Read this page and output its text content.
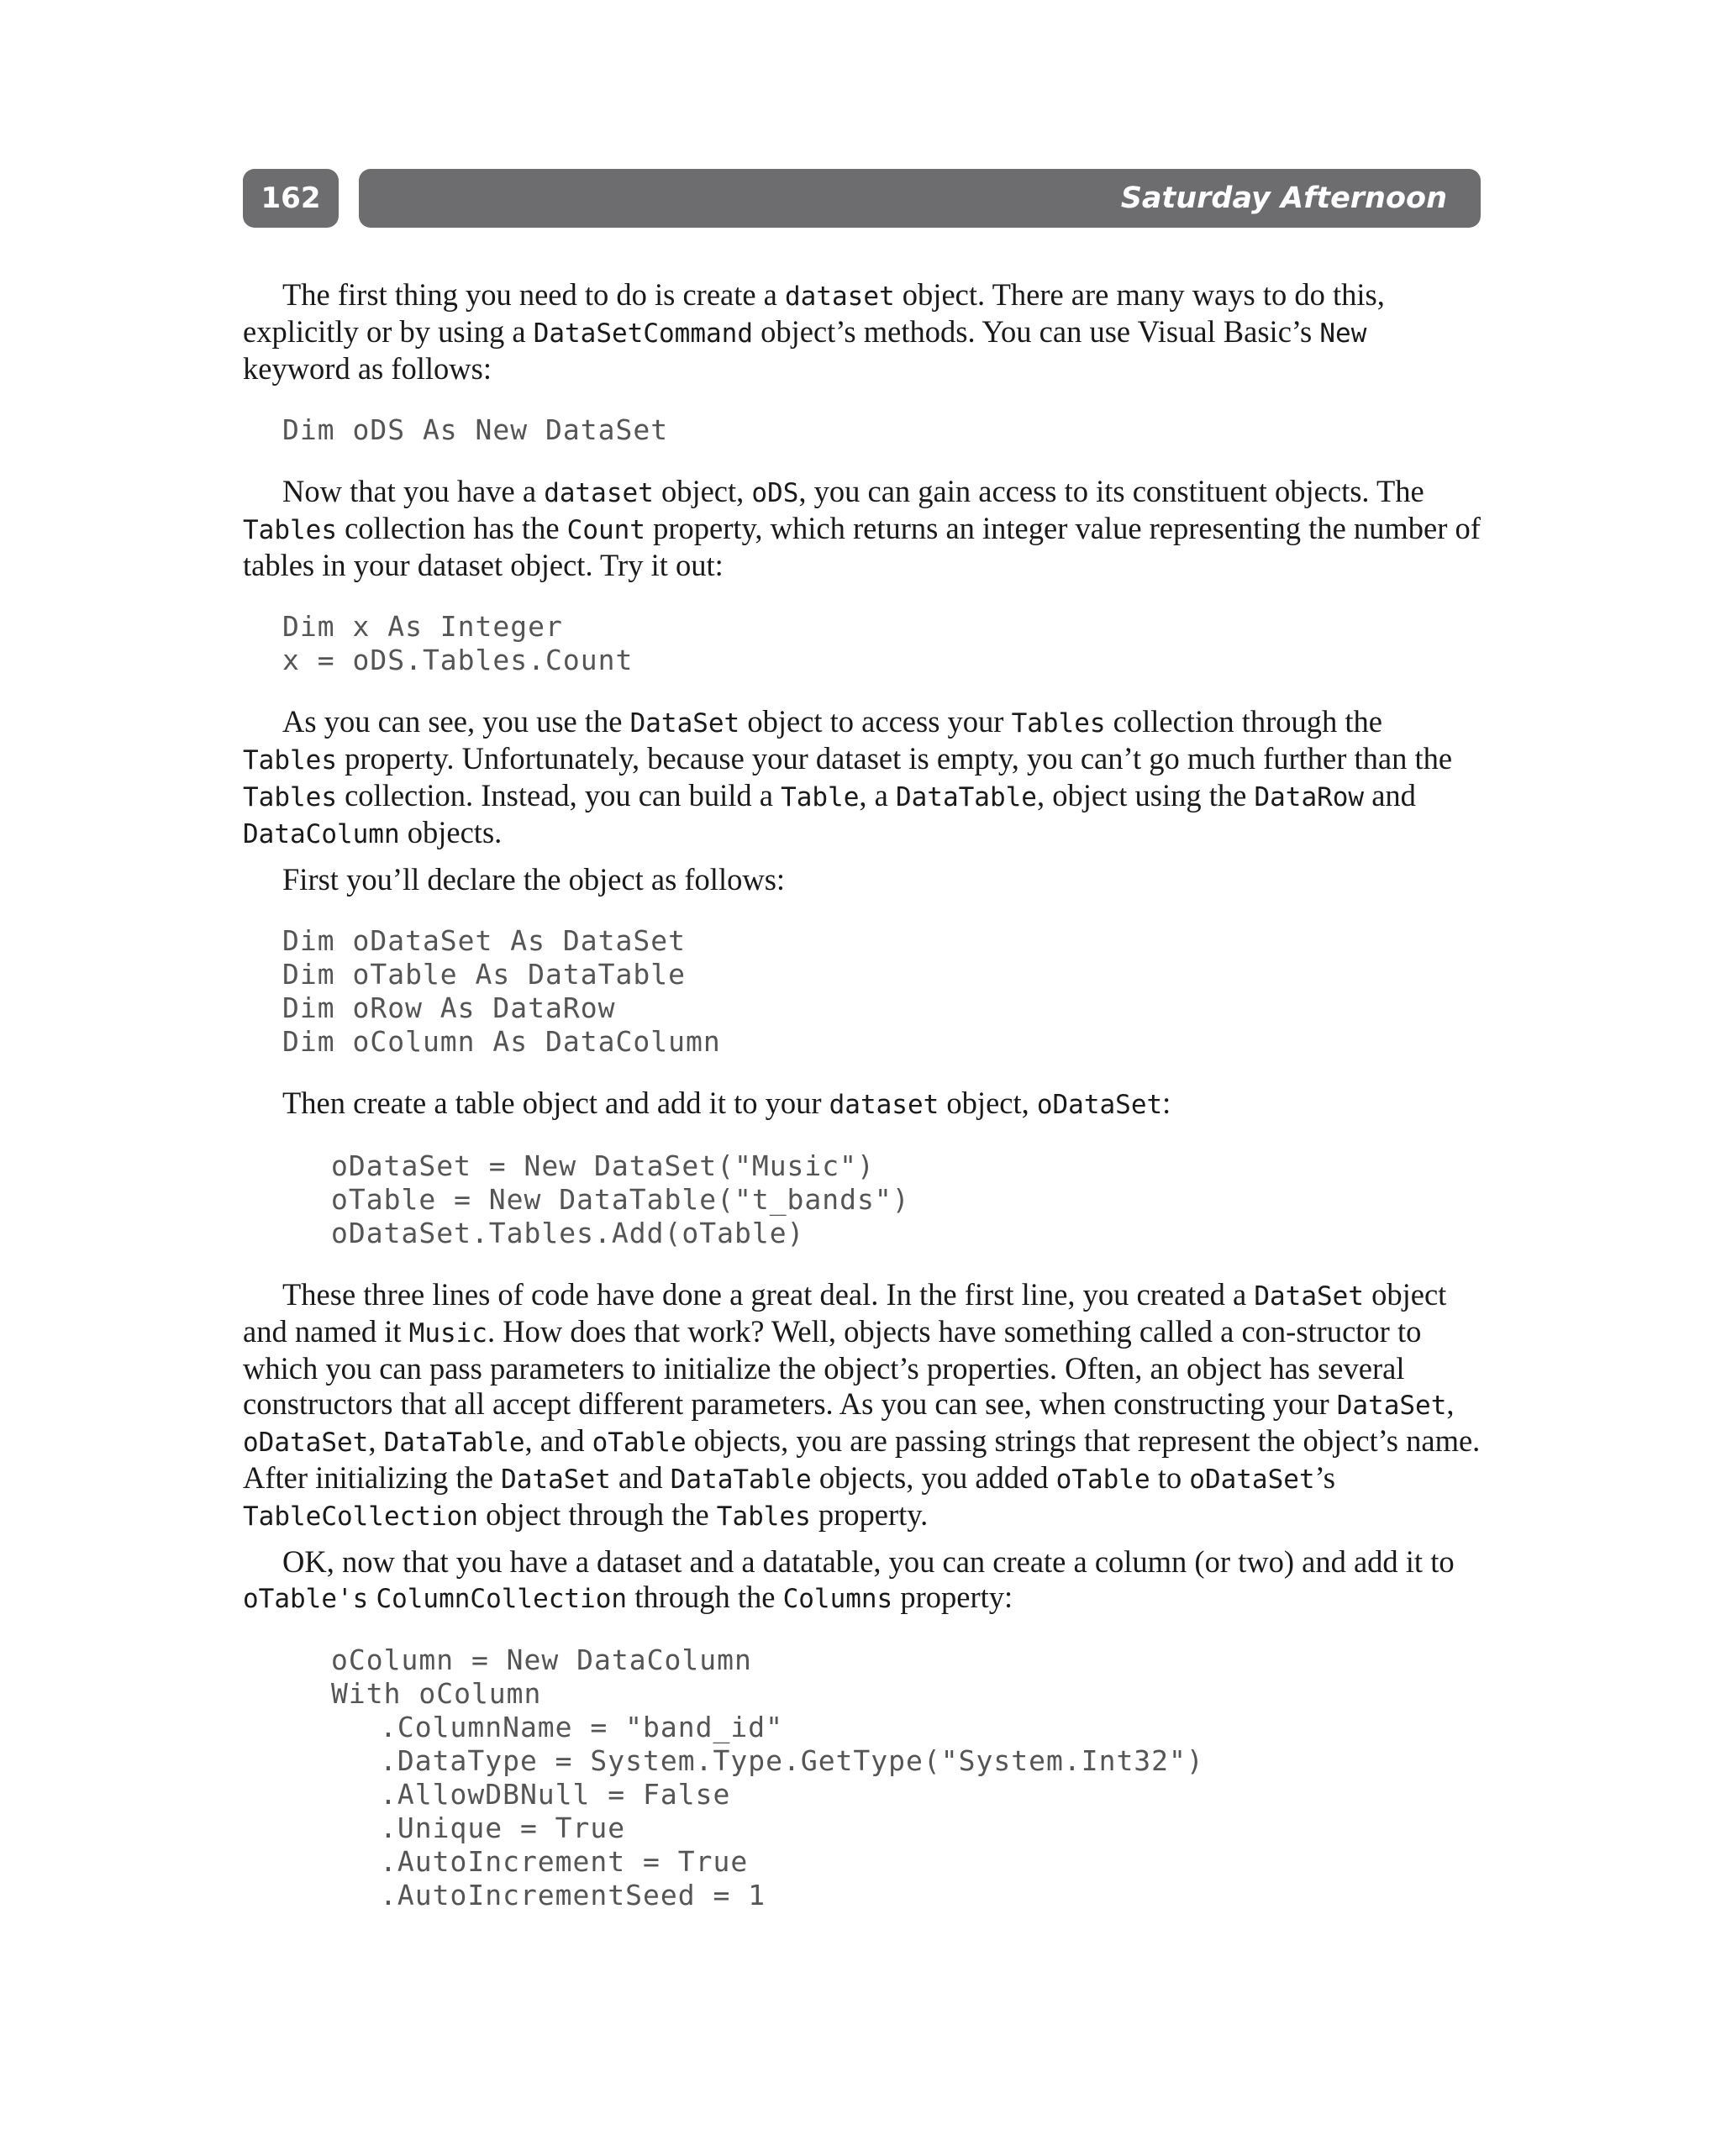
162	Saturday Afternoon

The first thing you need to do is create a dataset object. There are many ways to do this, explicitly or by using a DataSetCommand object’s methods. You can use Visual Basic’s New keyword as follows:

Dim oDS As New DataSet

Now that you have a dataset object, oDS, you can gain access to its constituent objects. The Tables collection has the Count property, which returns an integer value representing the number of tables in your dataset object. Try it out:

Dim x As Integer
x = oDS.Tables.Count

As you can see, you use the DataSet object to access your Tables collection through the Tables property. Unfortunately, because your dataset is empty, you can’t go much further than the Tables collection. Instead, you can build a Table, a DataTable, object using the DataRow and DataColumn objects.

First you’ll declare the object as follows:

Dim oDataSet As DataSet
Dim oTable As DataTable
Dim oRow As DataRow
Dim oColumn As DataColumn

Then create a table object and add it to your dataset object, oDataSet:

oDataSet = New DataSet("Music")
oTable = New DataTable("t_bands")
oDataSet.Tables.Add(oTable)

These three lines of code have done a great deal. In the first line, you created a DataSet object and named it Music. How does that work? Well, objects have something called a con-structor to which you can pass parameters to initialize the object’s properties. Often, an object has several constructors that all accept different parameters. As you can see, when constructing your DataSet, oDataSet, DataTable, and oTable objects, you are passing strings that represent the object’s name. After initializing the DataSet and DataTable objects, you added oTable to oDataSet’s TableCollection object through the Tables property.

OK, now that you have a dataset and a datatable, you can create a column (or two) and add it to oTable's ColumnCollection through the Columns property:

oColumn = New DataColumn
With oColumn
.ColumnName = "band_id"
.DataType = System.Type.GetType("System.Int32")
.AllowDBNull = False
.Unique = True
.AutoIncrement = True
.AutoIncrementSeed = 1
